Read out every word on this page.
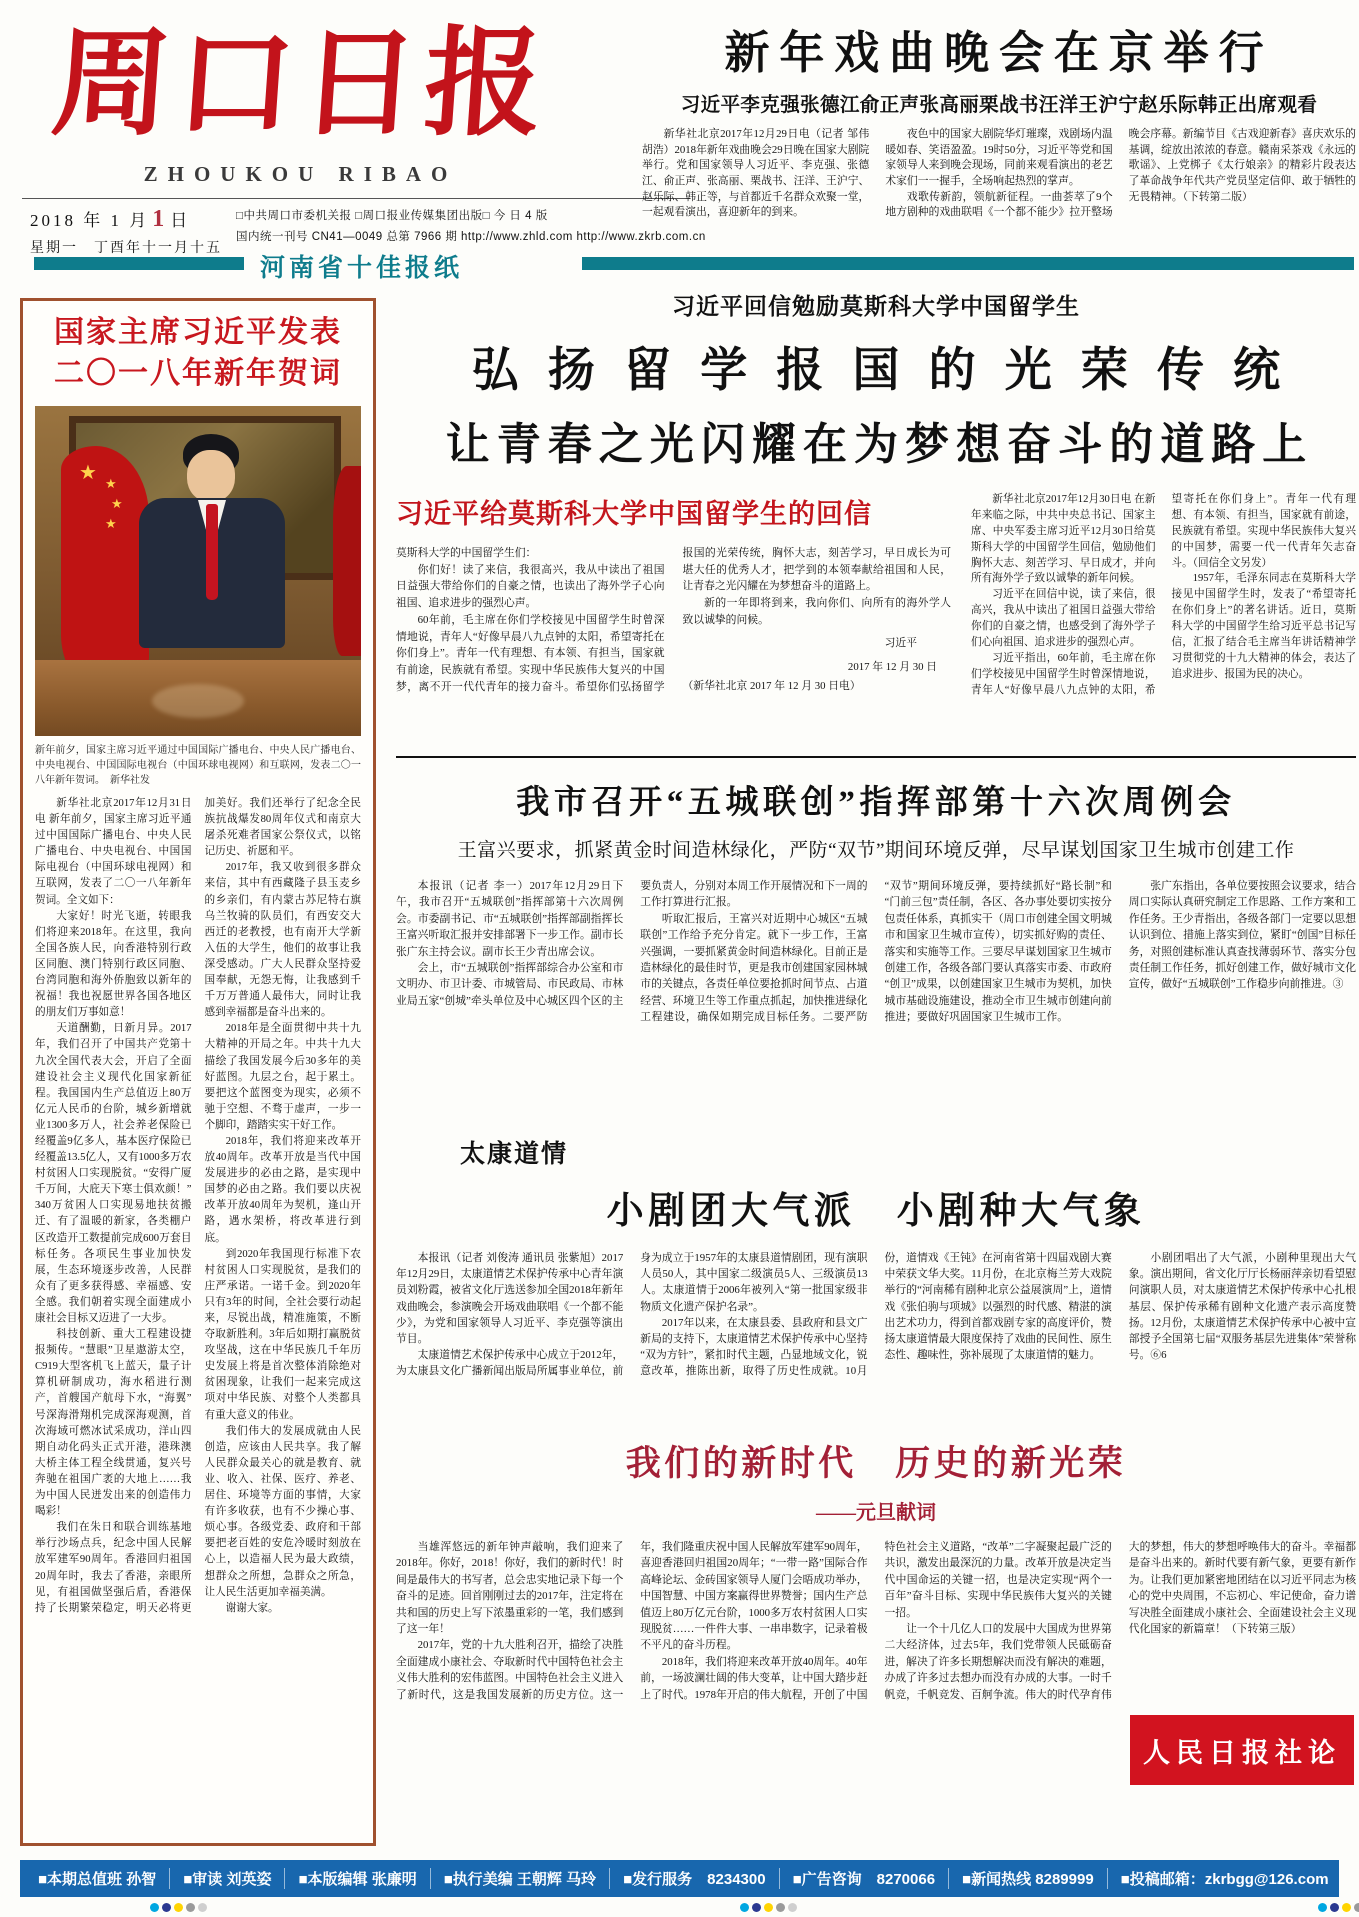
周口日报
ZHOUKOU RIBAO
2018 年 1 月 1 日
星期一　丁酉年十一月十五
□中共周口市委机关报 □周口报业传媒集团出版□ 今 日 4 版
国内统一刊号 CN41—0049 总第 7966 期 http://www.zhld.com http://www.zkrb.com.cn
新年戏曲晚会在京举行
习近平李克强张德江俞正声张高丽栗战书汪洋王沪宁赵乐际韩正出席观看

新华社北京2017年12月29日电（记者 邹伟 胡浩）2018年新年戏曲晚会29日晚在国家大剧院举行。党和国家领导人习近平、李克强、张德江、俞正声、张高丽、栗战书、汪洋、王沪宁、赵乐际、韩正等，与首都近千名群众欢聚一堂，一起观看演出，喜迎新年的到来。

夜色中的国家大剧院华灯璀璨，戏剧场内温暖如春、笑语盈盈。19时50分，习近平等党和国家领导人来到晚会现场，同前来观看演出的老艺术家们一一握手，全场响起热烈的掌声。

戏歌传新韵，领航新征程。一曲荟萃了9个地方剧种的戏曲联唱《一个都不能少》拉开整场晚会序幕。新编节目《古戏迎新春》喜庆欢乐的基调，绽放出浓浓的春意。赣南采茶戏《永远的歌谣》、上党梆子《太行娘亲》的精彩片段表达了革命战争年代共产党员坚定信仰、敢于牺牲的无畏精神。（下转第二版）

河南省十佳报纸
国家主席习近平发表
二〇一八年新年贺词
★ ★
★
★
新年前夕，国家主席习近平通过中国国际广播电台、中央人民广播电台、中央电视台、中国国际电视台（中国环球电视网）和互联网，发表二〇一八年新年贺词。　新华社发

新华社北京2017年12月31日电 新年前夕，国家主席习近平通过中国国际广播电台、中央人民广播电台、中央电视台、中国国际电视台（中国环球电视网）和互联网，发表了二〇一八年新年贺词。全文如下：

大家好！时光飞逝，转眼我们将迎来2018年。在这里，我向全国各族人民，向香港特别行政区同胞、澳门特别行政区同胞、台湾同胞和海外侨胞致以新年的祝福！我也祝愿世界各国各地区的朋友们万事如意！

天道酬勤，日新月异。2017年，我们召开了中国共产党第十九次全国代表大会，开启了全面建设社会主义现代化国家新征程。我国国内生产总值迈上80万亿元人民币的台阶，城乡新增就业1300多万人，社会养老保险已经覆盖9亿多人，基本医疗保险已经覆盖13.5亿人，又有1000多万农村贫困人口实现脱贫。“安得广厦千万间，大庇天下寒士俱欢颜！”340万贫困人口实现易地扶贫搬迁、有了温暖的新家，各类棚户区改造开工数提前完成600万套目标任务。各项民生事业加快发展，生态环境逐步改善，人民群众有了更多获得感、幸福感、安全感。我们朝着实现全面建成小康社会目标又迈进了一大步。

科技创新、重大工程建设捷报频传。“慧眼”卫星遨游太空，C919大型客机飞上蓝天，量子计算机研制成功，海水稻进行测产，首艘国产航母下水，“海翼”号深海滑翔机完成深海观测，首次海域可燃冰试采成功，洋山四期自动化码头正式开港，港珠澳大桥主体工程全线贯通，复兴号奔驰在祖国广袤的大地上……我为中国人民迸发出来的创造伟力喝彩！

我们在朱日和联合训练基地举行沙场点兵，纪念中国人民解放军建军90周年。香港回归祖国20周年时，我去了香港，亲眼所见，有祖国做坚强后盾，香港保持了长期繁荣稳定，明天必将更加美好。我们还举行了纪念全民族抗战爆发80周年仪式和南京大屠杀死难者国家公祭仪式，以铭记历史、祈愿和平。

2017年，我又收到很多群众来信，其中有西藏隆子县玉麦乡的乡亲们，有内蒙古苏尼特右旗乌兰牧骑的队员们，有西安交大西迁的老教授，也有南开大学新入伍的大学生，他们的故事让我深受感动。广大人民群众坚持爱国奉献，无怨无悔，让我感到千千万万普通人最伟大，同时让我感到幸福都是奋斗出来的。

2018年是全面贯彻中共十九大精神的开局之年。中共十九大描绘了我国发展今后30多年的美好蓝图。九层之台，起于累土。要把这个蓝图变为现实，必须不驰于空想、不骛于虚声，一步一个脚印，踏踏实实干好工作。

2018年，我们将迎来改革开放40周年。改革开放是当代中国发展进步的必由之路，是实现中国梦的必由之路。我们要以庆祝改革开放40周年为契机，逢山开路，遇水架桥，将改革进行到底。

到2020年我国现行标准下农村贫困人口实现脱贫，是我们的庄严承诺。一诺千金。到2020年只有3年的时间，全社会要行动起来，尽锐出战，精准施策，不断夺取新胜利。3年后如期打赢脱贫攻坚战，这在中华民族几千年历史发展上将是首次整体消除绝对贫困现象，让我们一起来完成这项对中华民族、对整个人类都具有重大意义的伟业。

我们伟大的发展成就由人民创造，应该由人民共享。我了解人民群众最关心的就是教育、就业、收入、社保、医疗、养老、居住、环境等方面的事情，大家有许多收获，也有不少操心事、烦心事。各级党委、政府和干部要把老百姓的安危冷暖时刻放在心上，以造福人民为最大政绩，想群众之所想，急群众之所急，让人民生活更加幸福美满。

谢谢大家。

习近平回信勉励莫斯科大学中国留学生
弘扬留学报国的光荣传统
让青春之光闪耀在为梦想奋斗的道路上
习近平给莫斯科大学中国留学生的回信

莫斯科大学的中国留学生们：

你们好！读了来信，我很高兴，我从中读出了祖国日益强大带给你们的自豪之情，也读出了海外学子心向祖国、追求进步的强烈心声。

60年前，毛主席在你们学校接见中国留学生时曾深情地说，青年人“好像早晨八九点钟的太阳，希望寄托在你们身上”。青年一代有理想、有本领、有担当，国家就有前途，民族就有希望。实现中华民族伟大复兴的中国梦，离不开一代代青年的接力奋斗。希望你们弘扬留学报国的光荣传统，胸怀大志，刻苦学习，早日成长为可堪大任的优秀人才，把学到的本领奉献给祖国和人民，让青春之光闪耀在为梦想奋斗的道路上。

新的一年即将到来，我向你们、向所有的海外学人致以诚挚的问候。

习近平

2017 年 12 月 30 日

（新华社北京 2017 年 12 月 30 日电）

新华社北京2017年12月30日电 在新年来临之际，中共中央总书记、国家主席、中央军委主席习近平12月30日给莫斯科大学的中国留学生回信，勉励他们胸怀大志、刻苦学习、早日成才，并向所有海外学子致以诚挚的新年问候。

习近平在回信中说，读了来信，很高兴，我从中读出了祖国日益强大带给你们的自豪之情，也感受到了海外学子们心向祖国、追求进步的强烈心声。

习近平指出，60年前，毛主席在你们学校接见中国留学生时曾深情地说，青年人“好像早晨八九点钟的太阳，希望寄托在你们身上”。青年一代有理想、有本领、有担当，国家就有前途，民族就有希望。实现中华民族伟大复兴的中国梦，需要一代一代青年矢志奋斗。（回信全文另发）

1957年，毛泽东同志在莫斯科大学接见中国留学生时，发表了“希望寄托在你们身上”的著名讲话。近日，莫斯科大学的中国留学生给习近平总书记写信，汇报了结合毛主席当年讲话精神学习贯彻党的十九大精神的体会，表达了追求进步、报国为民的决心。

我市召开“五城联创”指挥部第十六次周例会
王富兴要求，抓紧黄金时间造林绿化，严防“双节”期间环境反弹，尽早谋划国家卫生城市创建工作

本报讯（记者 李一）2017年12月29日下午，我市召开“五城联创”指挥部第十六次周例会。市委副书记、市“五城联创”指挥部副指挥长王富兴听取汇报并安排部署下一步工作。副市长张广东主持会议。副市长王少青出席会议。

会上，市“五城联创”指挥部综合办公室和市文明办、市卫计委、市城管局、市民政局、市林业局五家“创城”牵头单位及中心城区四个区的主要负责人，分别对本周工作开展情况和下一周的工作打算进行汇报。

听取汇报后，王富兴对近期中心城区“五城联创”工作给予充分肯定。就下一步工作，王富兴强调，一要抓紧黄金时间造林绿化。目前正是造林绿化的最佳时节，更是我市创建国家园林城市的关键点，各责任单位要抢抓时间节点、占道经营、环境卫生等工作重点抓起，加快推进绿化工程建设，确保如期完成目标任务。二要严防“双节”期间环境反弹，要持续抓好“路长制”和“门前三包”责任制，各区、各办事处要切实按分包责任体系，真抓实干（周口市创建全国文明城市和国家卫生城市宣传），切实抓好购的责任、落实和实施等工作。三要尽早谋划国家卫生城市创建工作，各级各部门要认真落实市委、市政府“创卫”成果，以创建国家卫生城市为契机，加快城市基础设施建设，推动全市卫生城市创建向前推进；要做好巩固国家卫生城市工作。

张广东指出，各单位要按照会议要求，结合周口实际认真研究制定工作思路、工作方案和工作任务。王少青指出，各级各部门一定要以思想认识到位、措施上落实到位，紧盯“创国”目标任务，对照创建标准认真查找薄弱环节、落实分包责任制工作任务，抓好创建工作，做好城市文化宣传，做好“五城联创”工作稳步向前推进。③

太康道情
小剧团大气派　小剧种大气象

本报讯（记者 刘俊涛 通讯员 张紫旭）2017年12月29日，太康道情艺术保护传承中心青年演员刘粉霞，被省文化厅选送参加全国2018年新年戏曲晚会，参演晚会开场戏曲联唱《一个都不能少》，为党和国家领导人习近平、李克强等演出节目。

太康道情艺术保护传承中心成立于2012年，为太康县文化广播新闻出版局所属事业单位，前身为成立于1957年的太康县道情剧团，现有演职人员50人，其中国家二级演员5人、三级演员13人。太康道情于2006年被列入“第一批国家级非物质文化遗产保护名录”。

2017年以来，在太康县委、县政府和县文广新局的支持下，太康道情艺术保护传承中心坚持“双为方针”，紧扣时代主题，凸显地域文化，锐意改革，推陈出新，取得了历史性成就。10月份，道情戏《王钝》在河南省第十四届戏剧大赛中荣获文华大奖。11月份，在北京梅兰芳大戏院举行的“河南稀有剧种北京公益展演周”上，道情戏《张伯驹与项城》以强烈的时代感、精湛的演出艺术功力，得到首都戏剧专家的高度评价，赞扬太康道情最大限度保持了戏曲的民间性、原生态性、趣味性，弥补展现了太康道情的魅力。

小剧团唱出了大气派，小剧种里现出大气象。演出期间，省文化厅厅长杨丽萍亲切看望慰问演职人员，对太康道情艺术保护传承中心扎根基层、保护传承稀有剧种文化遗产表示高度赞扬。12月份，太康道情艺术保护传承中心被中宣部授予全国第七届“双服务基层先进集体”荣誉称号。⑥6

我们的新时代　历史的新光荣
——元旦献词

当雄浑悠远的新年钟声敲响，我们迎来了2018年。你好，2018！你好，我们的新时代！时间是最伟大的书写者，总会忠实地记录下每一个奋斗的足迹。回首刚刚过去的2017年，注定将在共和国的历史上写下浓墨重彩的一笔，我们感到了这一年！

2017年，党的十九大胜利召开，描绘了决胜全面建成小康社会、夺取新时代中国特色社会主义伟大胜利的宏伟蓝图。中国特色社会主义进入了新时代，这是我国发展新的历史方位。这一年，我们隆重庆祝中国人民解放军建军90周年，喜迎香港回归祖国20周年；“一带一路”国际合作高峰论坛、金砖国家领导人厦门会晤成功举办，中国智慧、中国方案赢得世界赞誉；国内生产总值迈上80万亿元台阶，1000多万农村贫困人口实现脱贫……一件件大事、一串串数字，记录着极不平凡的奋斗历程。

2018年，我们将迎来改革开放40周年。40年前，一场波澜壮阔的伟大变革，让中国大踏步赶上了时代。1978年开启的伟大航程，开创了中国特色社会主义道路，“改革”二字凝聚起最广泛的共识，激发出最深沉的力量。改革开放是决定当代中国命运的关键一招，也是决定实现“两个一百年”奋斗目标、实现中华民族伟大复兴的关键一招。

让一个十几亿人口的发展中大国成为世界第二大经济体，过去5年，我们党带领人民砥砺奋进，解决了许多长期想解决而没有解决的难题，办成了许多过去想办而没有办成的大事。一时千帆竞，千帆竞发、百舸争流。伟大的时代孕育伟大的梦想，伟大的梦想呼唤伟大的奋斗。幸福都是奋斗出来的。新时代要有新气象，更要有新作为。让我们更加紧密地团结在以习近平同志为核心的党中央周围，不忘初心、牢记使命，奋力谱写决胜全面建成小康社会、全面建设社会主义现代化国家的新篇章！（下转第三版）

人民日报社论
■本期总值班 孙智	■审读 刘英姿	■本版编辑 张廉明	■执行美编 王朝辉 马玲	■发行服务　8234300	■广告咨询　8270066	■新闻热线 8289999	■投稿邮箱：zkrbgg@126.com
